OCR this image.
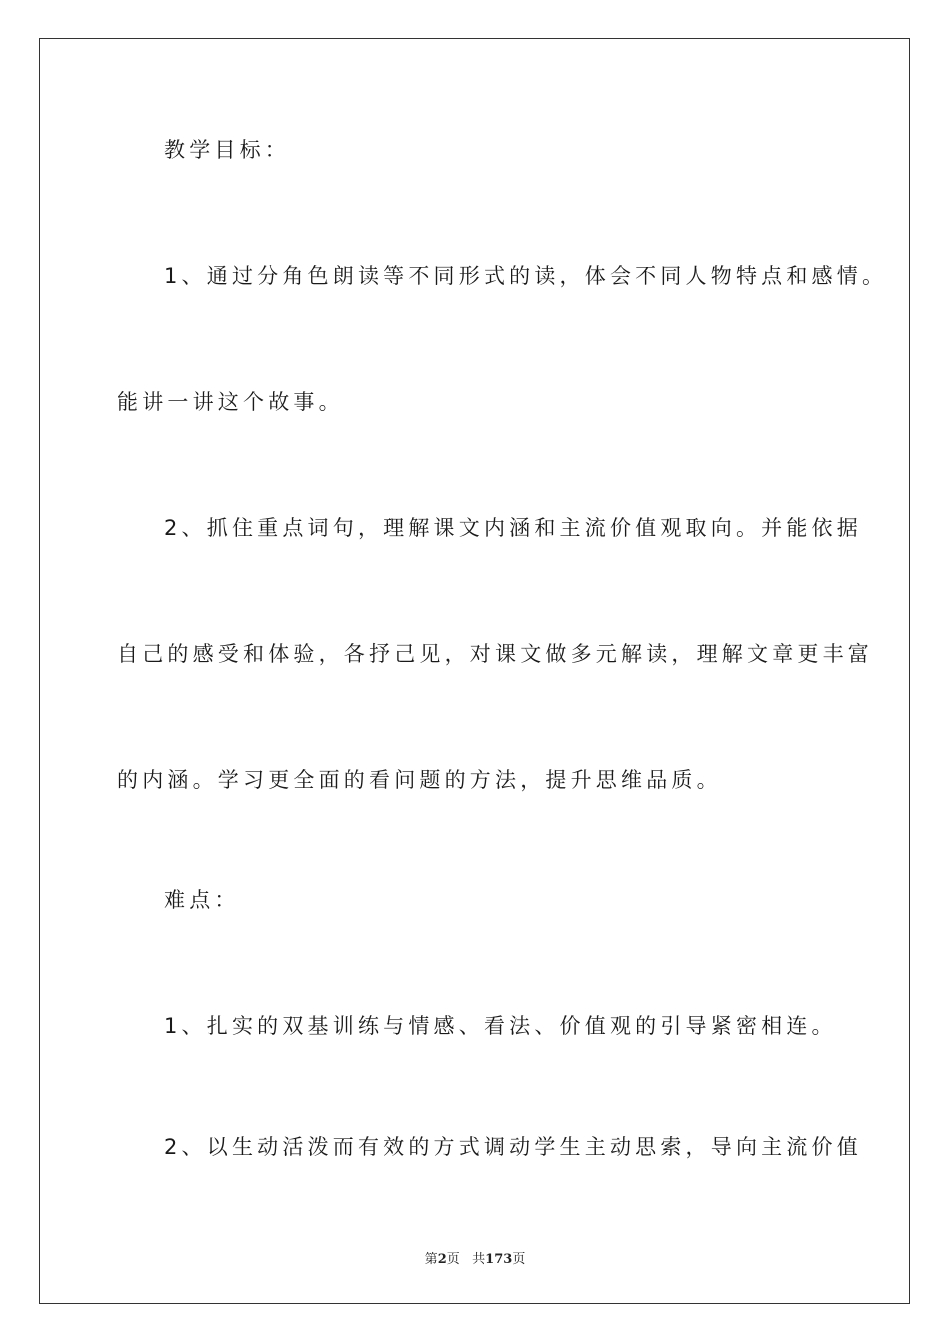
教学目标：
1、通过分角色朗读等不同形式的读，体会不同人物特点和感情。
能讲一讲这个故事。
2、抓住重点词句，理解课文内涵和主流价值观取向。并能依据
自己的感受和体验，各抒己见，对课文做多元解读，理解文章更丰富
的内涵。学习更全面的看问题的方法，提升思维品质。
难点：
1、扎实的双基训练与情感、看法、价值观的引导紧密相连。
2、以生动活泼而有效的方式调动学生主动思索，导向主流价值
第2页 共173页
